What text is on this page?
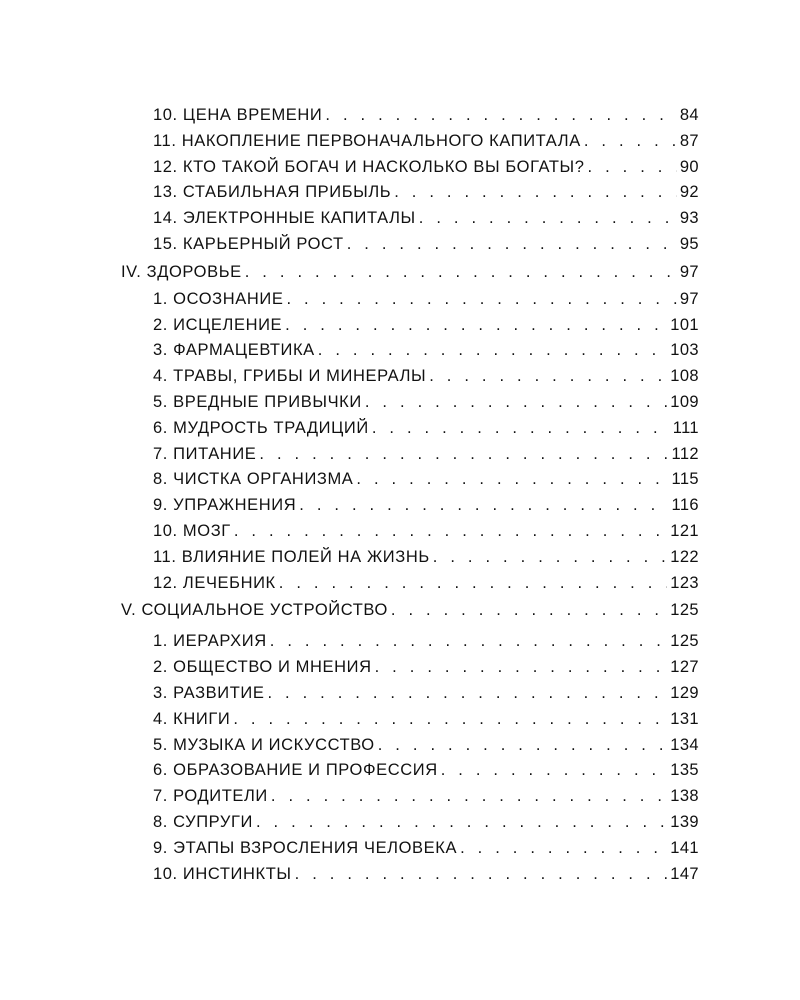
10. ЦЕНА ВРЕМЕНИ . . .	84
11. НАКОПЛЕНИЕ ПЕРВОНАЧАЛЬНОГО КАПИТАЛА . . .	87
12. КТО ТАКОЙ БОГАЧ И НАСКОЛЬКО ВЫ БОГАТЫ? . . .	90
13. СТАБИЛЬНАЯ ПРИБЫЛЬ . . .	92
14. ЭЛЕКТРОННЫЕ КАПИТАЛЫ . . .	93
15. КАРЬЕРНЫЙ РОСТ . . .	95
IV. ЗДОРОВЬЕ . . .	97
1. ОСОЗНАНИЕ . . .	97
2. ИСЦЕЛЕНИЕ . . .	101
3. ФАРМАЦЕВТИКА . . .	103
4. ТРАВЫ, ГРИБЫ И МИНЕРАЛЫ . . .	108
5. ВРЕДНЫЕ ПРИВЫЧКИ . . .	109
6. МУДРОСТЬ ТРАДИЦИЙ . . .	111
7. ПИТАНИЕ . . .	112
8. ЧИСТКА ОРГАНИЗМА . . .	115
9. УПРАЖНЕНИЯ . . .	116
10. МОЗГ . . .	121
11. ВЛИЯНИЕ ПОЛЕЙ НА ЖИЗНЬ . . .	122
12. ЛЕЧЕБНИК . . .	123
V. СОЦИАЛЬНОЕ УСТРОЙСТВО . . .	125
1. ИЕРАРХИЯ . . .	125
2. ОБЩЕСТВО И МНЕНИЯ . . .	127
3. РАЗВИТИЕ . . .	129
4. КНИГИ . . .	131
5. МУЗЫКА И ИСКУССТВО . . .	134
6. ОБРАЗОВАНИЕ И ПРОФЕССИЯ . . .	135
7. РОДИТЕЛИ . . .	138
8. СУПРУГИ . . .	139
9. ЭТАПЫ ВЗРОСЛЕНИЯ ЧЕЛОВЕКА . . .	141
10. ИНСТИНКТЫ . . .	147
